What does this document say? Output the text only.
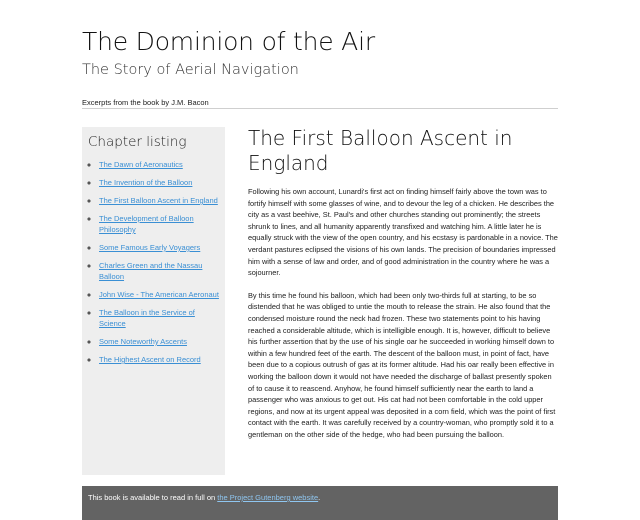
The Dominion of the Air
The Story of Aerial Navigation

Excerpts from the book by J.M. Bacon

Chapter listing
◦ The Dawn of Aeronautics
◦ The Invention of the Balloon
◦ The First Balloon Ascent in England
◦ The Development of Balloon Philosophy
◦ Some Famous Early Voyagers
◦ Charles Green and the Nassau Balloon
◦ John Wise - The American Aeronaut
◦ The Balloon in the Service of Science
◦ Some Noteworthy Ascents
◦ The Highest Ascent on Record
The First Balloon Ascent in England

Following his own account, Lunardi's first act on finding himself fairly above the town was to fortify himself with some glasses of wine, and to devour the leg of a chicken. He describes the city as a vast beehive, St. Paul's and other churches standing out prominently; the streets shrunk to lines, and all humanity apparently transfixed and watching him. A little later he is equally struck with the view of the open country, and his ecstasy is pardonable in a novice. The verdant pastures eclipsed the visions of his own lands. The precision of boundaries impressed him with a sense of law and order, and of good administration in the country where he was a sojourner.

By this time he found his balloon, which had been only two-thirds full at starting, to be so distended that he was obliged to untie the mouth to release the strain. He also found that the condensed moisture round the neck had frozen. These two statements point to his having reached a considerable altitude, which is intelligible enough. It is, however, difficult to believe his further assertion that by the use of his single oar he succeeded in working himself down to within a few hundred feet of the earth. The descent of the balloon must, in point of fact, have been due to a copious outrush of gas at its former altitude. Had his oar really been effective in working the balloon down it would not have needed the discharge of ballast presently spoken of to cause it to reascend. Anyhow, he found himself sufficiently near the earth to land a passenger who was anxious to get out. His cat had not been comfortable in the cold upper regions, and now at its urgent appeal was deposited in a corn field, which was the point of first contact with the earth. It was carefully received by a country-woman, who promptly sold it to a gentleman on the other side of the hedge, who had been pursuing the balloon.

This book is available to read in full on the Project Gutenberg website.
